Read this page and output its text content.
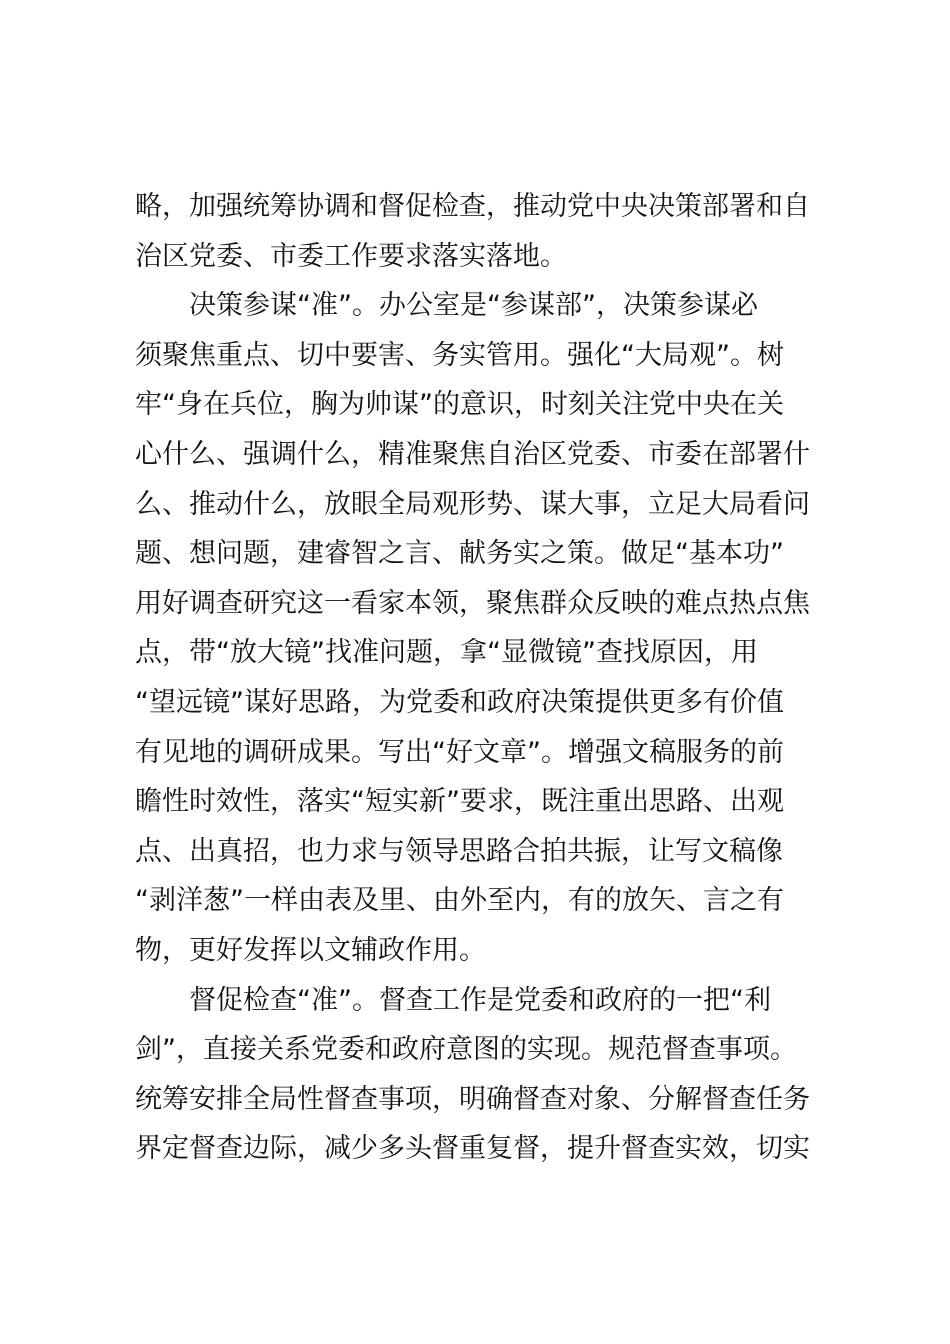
略，加强统筹协调和督促检查，推动党中央决策部署和自
治区党委、市委工作要求落实落地。
　　决策参谋“准”。办公室是“参谋部”，决策参谋必
须聚焦重点、切中要害、务实管用。强化“大局观”。树
牢“身在兵位，胸为帅谋”的意识，时刻关注党中央在关
心什么、强调什么，精准聚焦自治区党委、市委在部署什
么、推动什么，放眼全局观形势、谋大事，立足大局看问
题、想问题，建睿智之言、献务实之策。做足“基本功”
用好调查研究这一看家本领，聚焦群众反映的难点热点焦
点，带“放大镜”找准问题，拿“显微镜”查找原因，用
“望远镜”谋好思路，为党委和政府决策提供更多有价值
有见地的调研成果。写出“好文章”。增强文稿服务的前
瞻性时效性，落实“短实新”要求，既注重出思路、出观
点、出真招，也力求与领导思路合拍共振，让写文稿像
“剥洋葱”一样由表及里、由外至内，有的放矢、言之有
物，更好发挥以文辅政作用。
　　督促检查“准”。督查工作是党委和政府的一把“利
剑”，直接关系党委和政府意图的实现。规范督查事项。
统筹安排全局性督查事项，明确督查对象、分解督查任务
界定督查边际，减少多头督重复督，提升督查实效，切实
